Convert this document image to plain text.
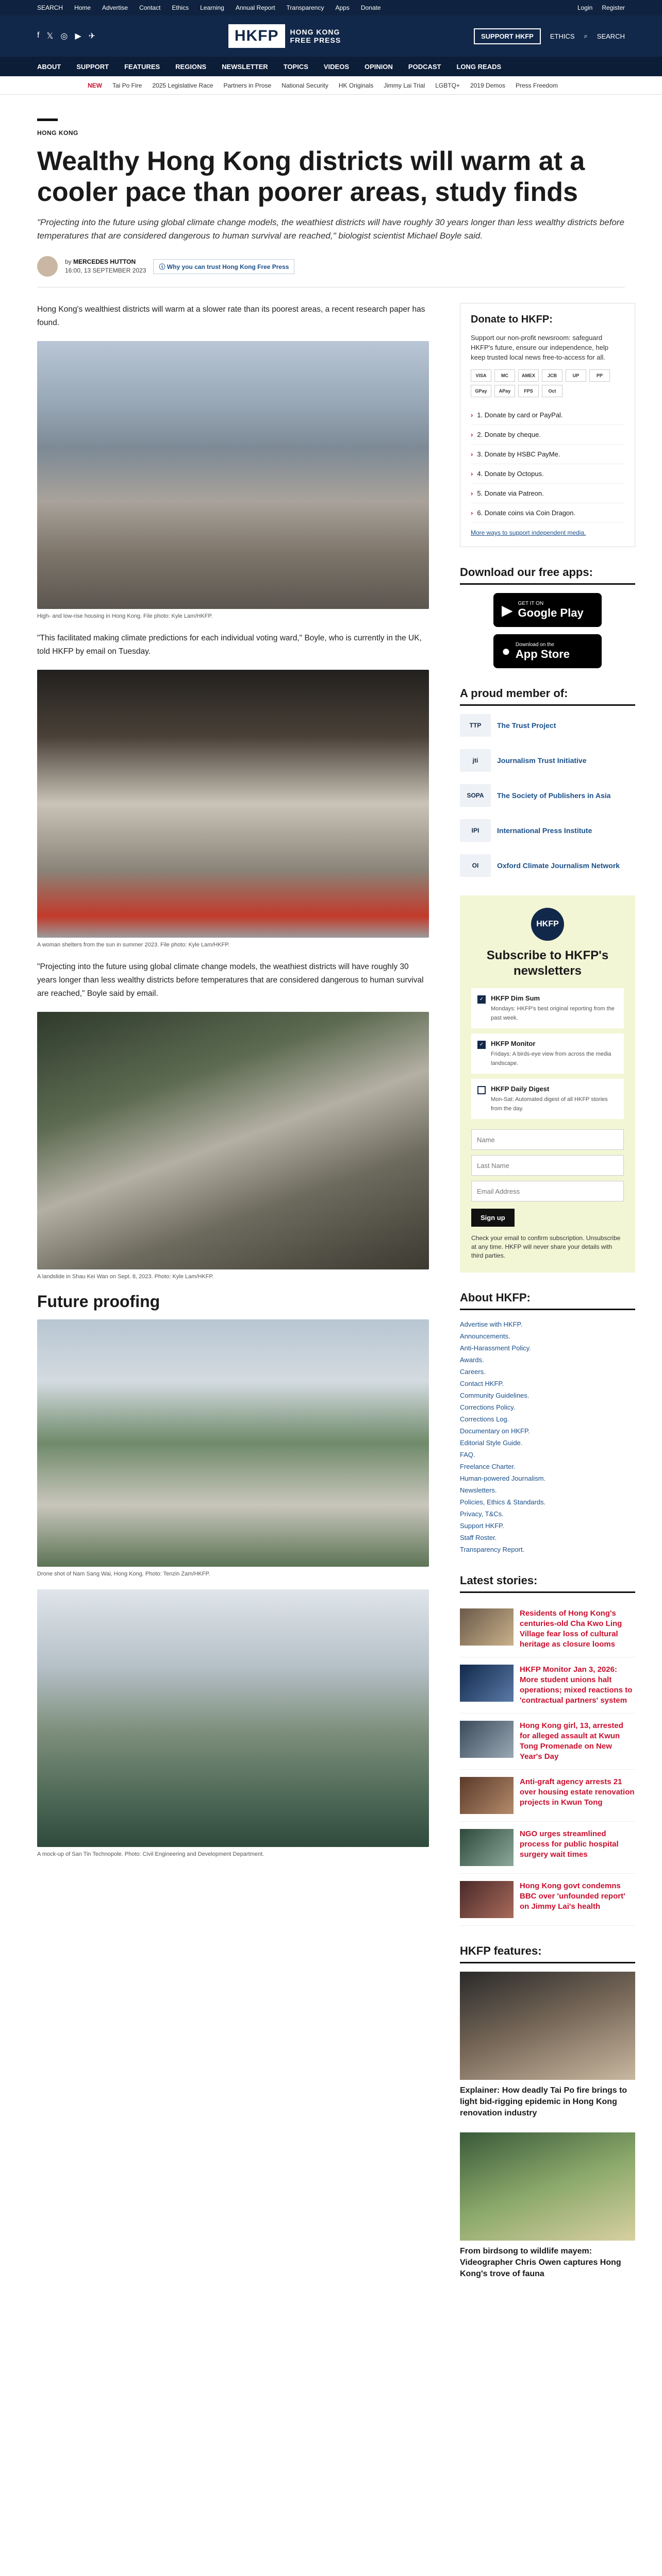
SEARCH Home Advertise Contact Ethics Learning Annual Report Transparency Apps Donate	Login Register
f 𝕏 ◎ ▶ ✈	HKFP	HONG KONG
FREE PRESS	SUPPORT HKFP	ETHICS ⌕ SEARCH
ABOUT SUPPORT FEATURES REGIONS NEWSLETTER TOPICS VIDEOS OPINION PODCAST LONG READS
NEW Tai Po Fire 2025 Legislative Race Partners in Prose National Security HK Originals Jimmy Lai Trial LGBTQ+ 2019 Demos Press Freedom
HONG KONG
Wealthy Hong Kong districts will warm at a cooler pace than poorer areas, study finds
"Projecting into the future using global climate change models, the weathiest districts will have roughly 30 years longer than less wealthy districts before temperatures that are considered dangerous to human survival are reached," biologist scientist Michael Boyle said.
by MERCEDES HUTTON
16:00, 13 SEPTEMBER 2023
ⓘ Why you can trust Hong Kong Free Press

Hong Kong's wealthiest districts will warm at a slower rate than its poorest areas, a recent research paper has found.

High- and low-rise housing in Hong Kong. File photo: Kyle Lam/HKFP.

"This facilitated making climate predictions for each individual voting ward," Boyle, who is currently in the UK, told HKFP by email on Tuesday.

A woman shelters from the sun in summer 2023. File photo: Kyle Lam/HKFP.

"Projecting into the future using global climate change models, the weathiest districts will have roughly 30 years longer than less wealthy districts before temperatures that are considered dangerous to human survival are reached," Boyle said by email.

A landslide in Shau Kei Wan on Sept. 8, 2023. Photo: Kyle Lam/HKFP.
Future proofing
Drone shot of Nam Sang Wai, Hong Kong. Photo: Tenzin Zam/HKFP.
A mock-up of San Tin Technopole. Photo: Civil Engineering and Development Department.
Donate to HKFP:
Support our non-profit newsroom: safeguard HKFP's future, ensure our independence, help keep trusted local news free-to-access for all.
VISA	MC	AMEX	JCB	UP	PP
GPay	APay	FPS	Oct
› 1. Donate by card or PayPal.
› 2. Donate by cheque.
› 3. Donate by HSBC PayMe.
› 4. Donate by Octopus.
› 5. Donate via Patreon.
› 6. Donate coins via Coin Dragon.
More ways to support independent media.
Download our free apps:
▶ GET IT ON
Google Play
● Download on the
App Store
A proud member of:
TTP	The Trust Project
jti	Journalism Trust Initiative
SOPA	The Society of Publishers in Asia
IPI	International Press Institute
OI	Oxford Climate Journalism Network
HKFP
Subscribe to HKFP's newsletters
✓ HKFP Dim Sum
Mondays: HKFP's best original reporting from the past week.
✓ HKFP Monitor
Fridays: A birds-eye view from across the media landscape.
HKFP Daily Digest
Mon-Sat: Automated digest of all HKFP stories from the day.
Name Last Name Email Address Sign up
Check your email to confirm subscription. Unsubscribe at any time. HKFP will never share your details with third parties.
About HKFP:
Advertise with HKFP.
Announcements.
Anti-Harassment Policy.
Awards.
Careers.
Contact HKFP.
Community Guidelines.
Corrections Policy.
Corrections Log.
Documentary on HKFP.
Editorial Style Guide.
FAQ.
Freelance Charter.
Human-powered Journalism.
Newsletters.
Policies, Ethics & Standards.
Privacy, T&Cs.
Support HKFP.
Staff Roster.
Transparency Report.
Latest stories:
Residents of Hong Kong's centuries-old Cha Kwo Ling Village fear loss of cultural heritage as closure looms
HKFP Monitor Jan 3, 2026: More student unions halt operations; mixed reactions to 'contractual partners' system
Hong Kong girl, 13, arrested for alleged assault at Kwun Tong Promenade on New Year's Day
Anti-graft agency arrests 21 over housing estate renovation projects in Kwun Tong
NGO urges streamlined process for public hospital surgery wait times
Hong Kong govt condemns BBC over 'unfounded report' on Jimmy Lai's health
HKFP features:
Explainer: How deadly Tai Po fire brings to light bid-rigging epidemic in Hong Kong renovation industry
From birdsong to wildlife mayem: Videographer Chris Owen captures Hong Kong's trove of fauna
